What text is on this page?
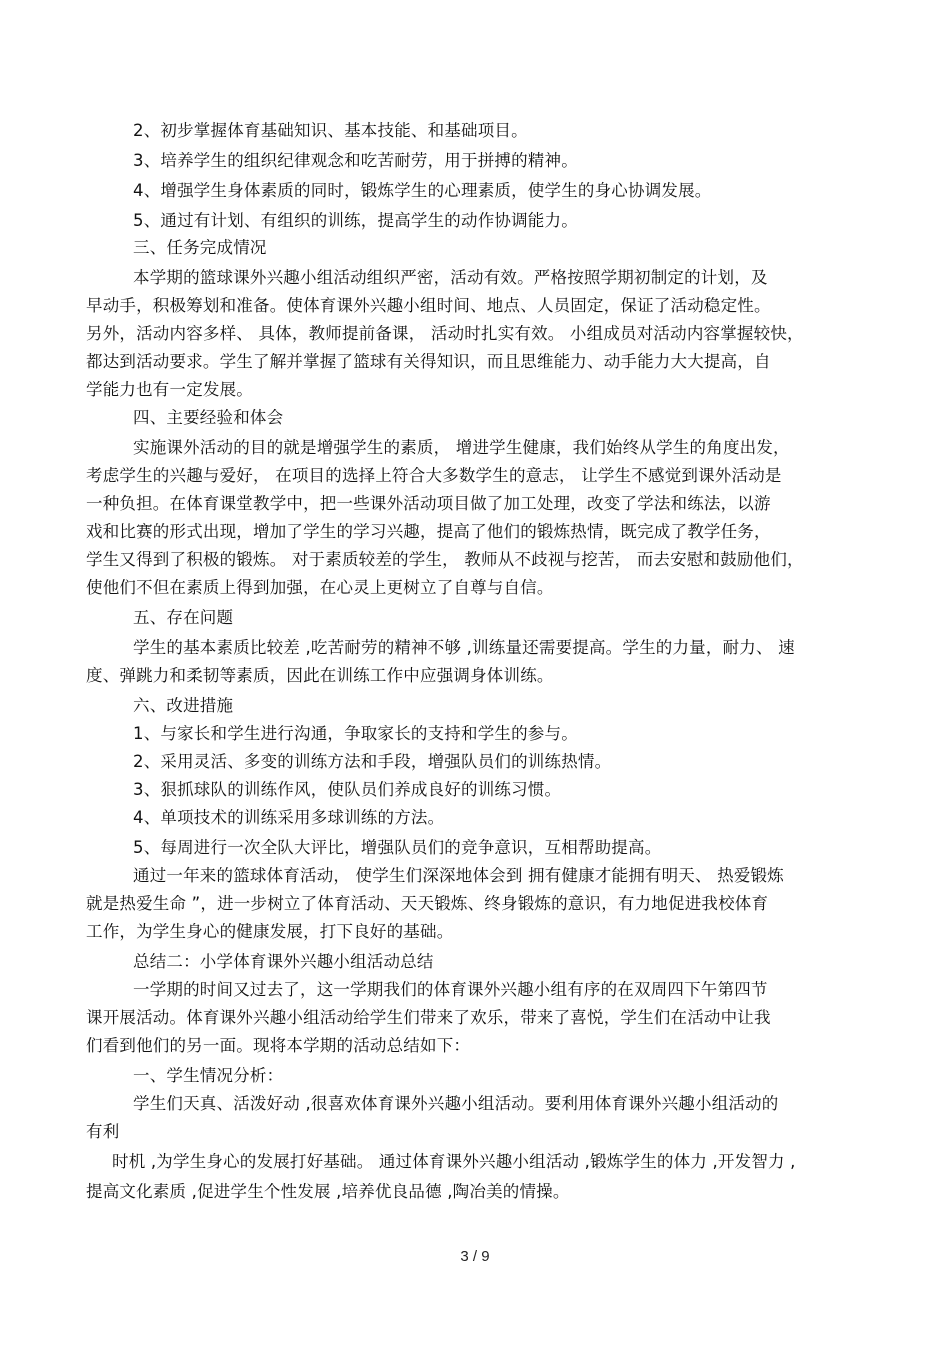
2、初步掌握体育基础知识、基本技能、和基础项目。
3、培养学生的组织纪律观念和吃苦耐劳，用于拼搏的精神。
4、增强学生身体素质的同时，锻炼学生的心理素质，使学生的身心协调发展。
5、通过有计划、有组织的训练，提高学生的动作协调能力。
三、任务完成情况
本学期的篮球课外兴趣小组活动组织严密，活动有效。严格按照学期初制定的计划，及
早动手，积极筹划和准备。使体育课外兴趣小组时间、地点、人员固定，保证了活动稳定性。
另外，活动内容多样、 具体，教师提前备课， 活动时扎实有效。 小组成员对活动内容掌握较快，
都达到活动要求。学生了解并掌握了篮球有关得知识，而且思维能力、动手能力大大提高，自
学能力也有一定发展。
四、主要经验和体会
实施课外活动的目的就是增强学生的素质， 增进学生健康，我们始终从学生的角度出发，
考虑学生的兴趣与爱好， 在项目的选择上符合大多数学生的意志， 让学生不感觉到课外活动是
一种负担。在体育课堂教学中，把一些课外活动项目做了加工处理，改变了学法和练法，以游
戏和比赛的形式出现，增加了学生的学习兴趣，提高了他们的锻炼热情，既完成了教学任务，
学生又得到了积极的锻炼。 对于素质较差的学生， 教师从不歧视与挖苦， 而去安慰和鼓励他们，
使他们不但在素质上得到加强，在心灵上更树立了自尊与自信。
五、存在问题
学生的基本素质比较差 ,吃苦耐劳的精神不够 ,训练量还需要提高。学生的力量，耐力、 速
度、弹跳力和柔韧等素质，因此在训练工作中应强调身体训练。
六、改进措施
1、与家长和学生进行沟通，争取家长的支持和学生的参与。
2、采用灵活、多变的训练方法和手段，增强队员们的训练热情。
3、狠抓球队的训练作风，使队员们养成良好的训练习惯。
4、单项技术的训练采用多球训练的方法。
5、每周进行一次全队大评比，增强队员们的竞争意识，互相帮助提高。
通过一年来的篮球体育活动， 使学生们深深地体会到 拥有健康才能拥有明天、 热爱锻炼
就是热爱生命 ”，进一步树立了体育活动、天天锻炼、终身锻炼的意识，有力地促进我校体育
工作，为学生身心的健康发展，打下良好的基础。
总结二：小学体育课外兴趣小组活动总结
一学期的时间又过去了，这一学期我们的体育课外兴趣小组有序的在双周四下午第四节
课开展活动。体育课外兴趣小组活动给学生们带来了欢乐，带来了喜悦，学生们在活动中让我
们看到他们的另一面。现将本学期的活动总结如下：
一、学生情况分析：
学生们天真、活泼好动 ,很喜欢体育课外兴趣小组活动。要利用体育课外兴趣小组活动的
有利
时机 ,为学生身心的发展打好基础。 通过体育课外兴趣小组活动 ,锻炼学生的体力 ,开发智力 ,
提高文化素质 ,促进学生个性发展 ,培养优良品德 ,陶冶美的情操。
3 / 9
